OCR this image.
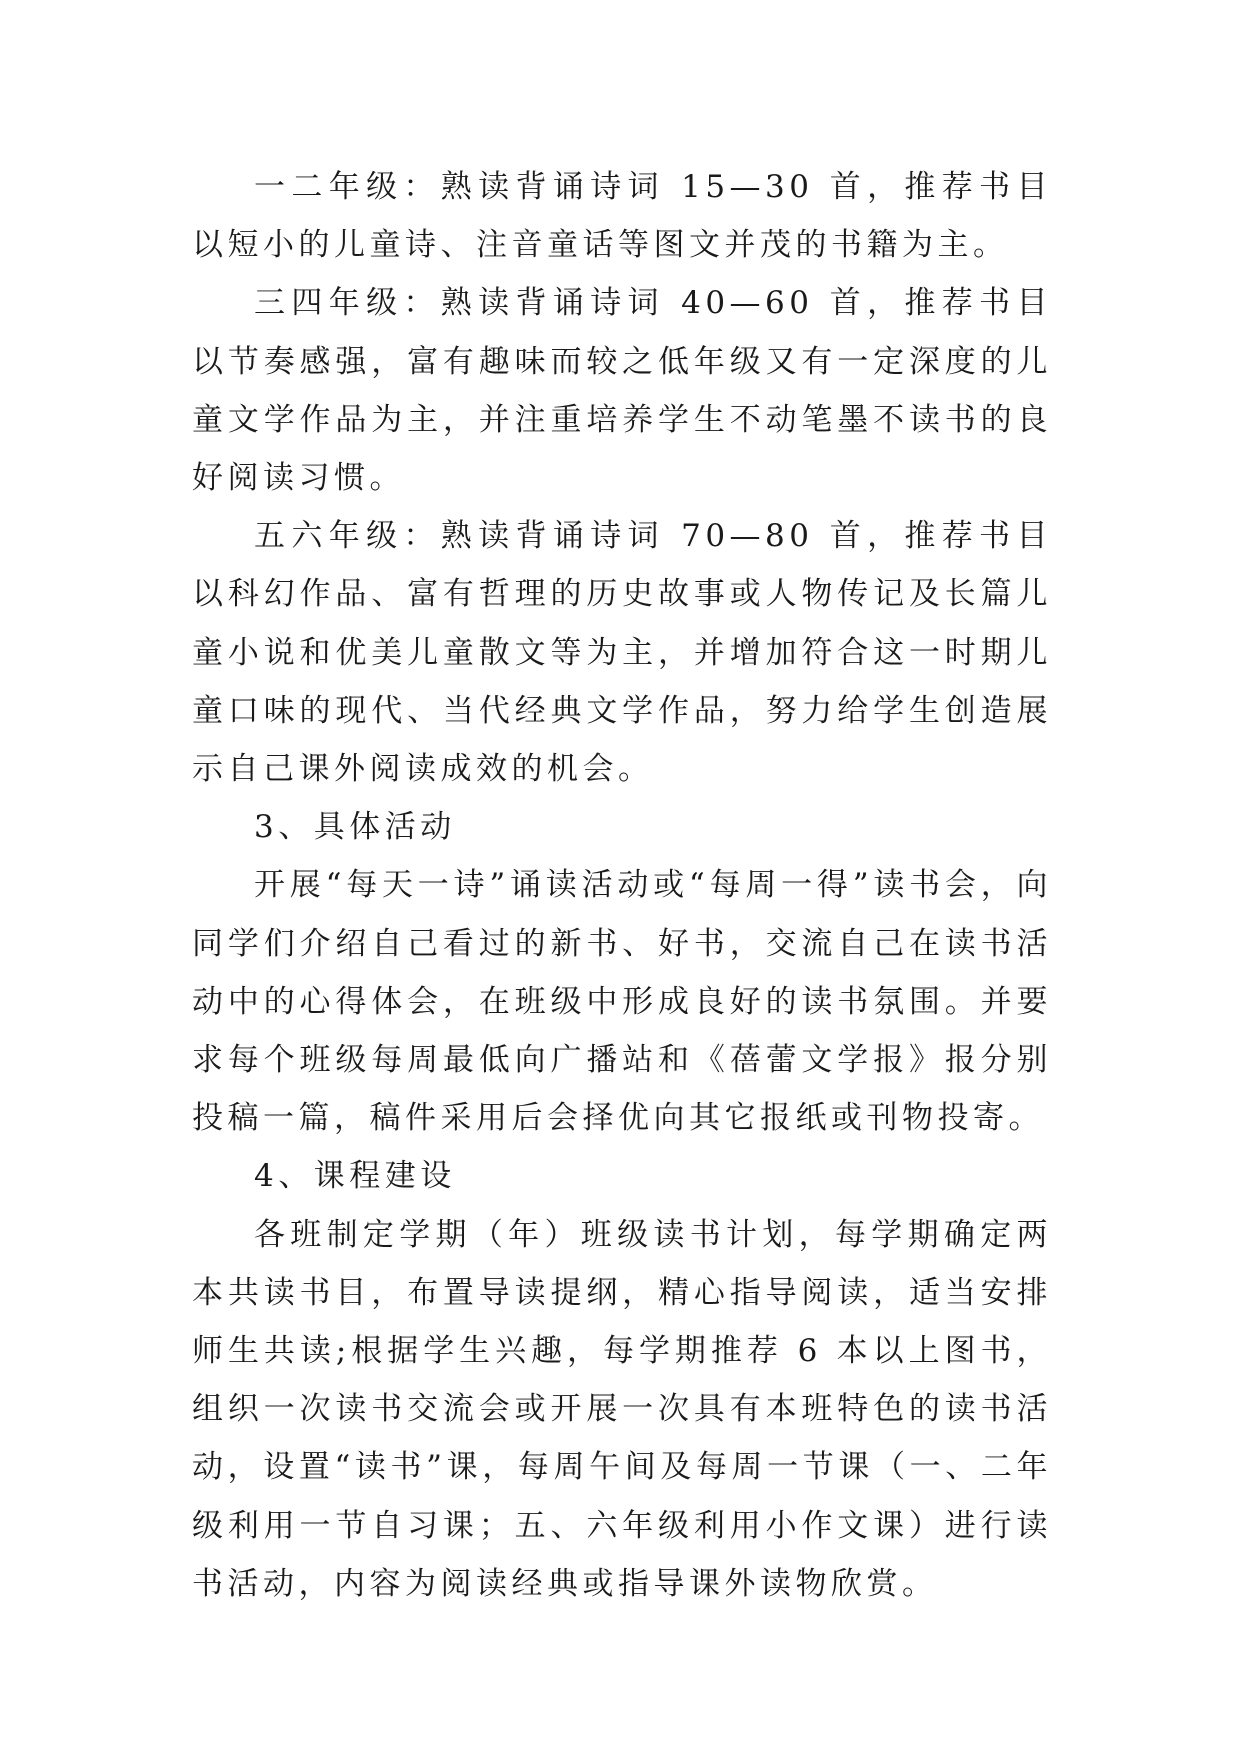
一二年级：熟读背诵诗词 15—30 首，推荐书目以短小的儿童诗、注音童话等图文并茂的书籍为主。

三四年级：熟读背诵诗词 40—60 首，推荐书目以节奏感强，富有趣味而较之低年级又有一定深度的儿童文学作品为主，并注重培养学生不动笔墨不读书的良好阅读习惯。

五六年级：熟读背诵诗词 70—80 首，推荐书目以科幻作品、富有哲理的历史故事或人物传记及长篇儿童小说和优美儿童散文等为主，并增加符合这一时期儿童口味的现代、当代经典文学作品，努力给学生创造展示自己课外阅读成效的机会。

3、具体活动

开展“每天一诗”诵读活动或“每周一得”读书会，向同学们介绍自己看过的新书、好书，交流自己在读书活动中的心得体会，在班级中形成良好的读书氛围。并要求每个班级每周最低向广播站和《蓓蕾文学报》报分别投稿一篇，稿件采用后会择优向其它报纸或刊物投寄。

4、课程建设

各班制定学期（年）班级读书计划，每学期确定两本共读书目，布置导读提纲，精心指导阅读，适当安排师生共读;根据学生兴趣，每学期推荐 6 本以上图书，组织一次读书交流会或开展一次具有本班特色的读书活动，设置“读书”课，每周午间及每周一节课（一、二年级利用一节自习课；五、六年级利用小作文课）进行读书活动，内容为阅读经典或指导课外读物欣赏。
